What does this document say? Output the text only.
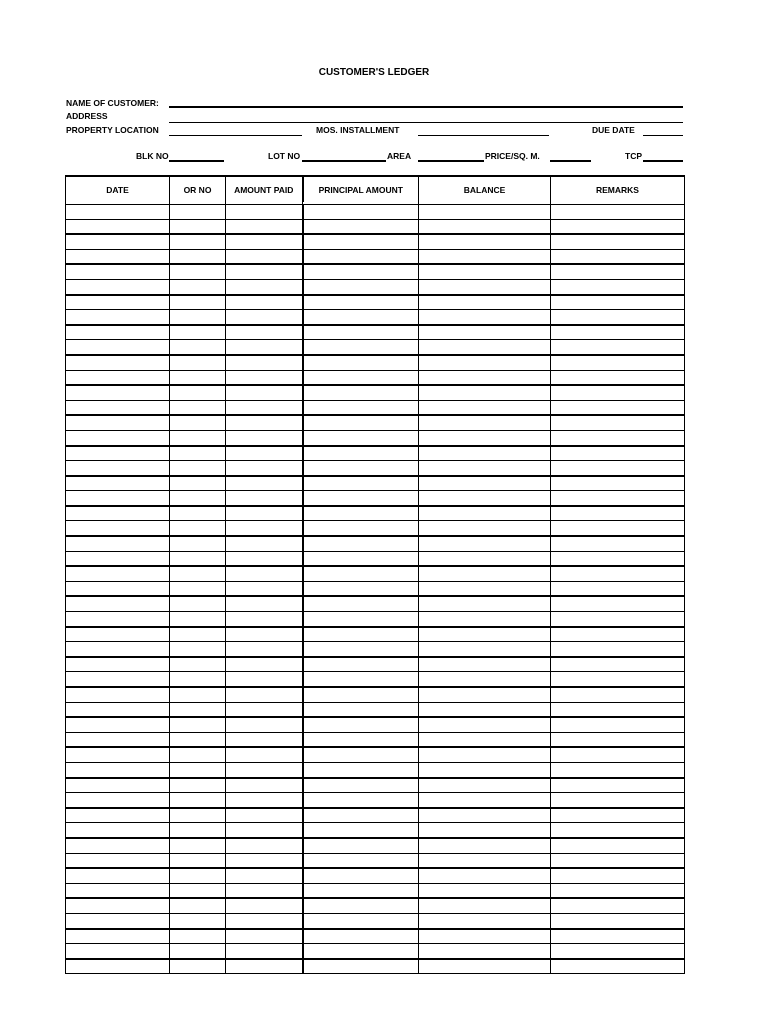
CUSTOMER'S LEDGER
NAME OF CUSTOMER:
ADDRESS
PROPERTY LOCATION	MOS. INSTALLMENT	DUE DATE
BLK NO	LOT NO	AREA	PRICE/SQ. M.	TCP
DATE	OR NO	AMOUNT PAID	PRINCIPAL AMOUNT	BALANCE	REMARKS
